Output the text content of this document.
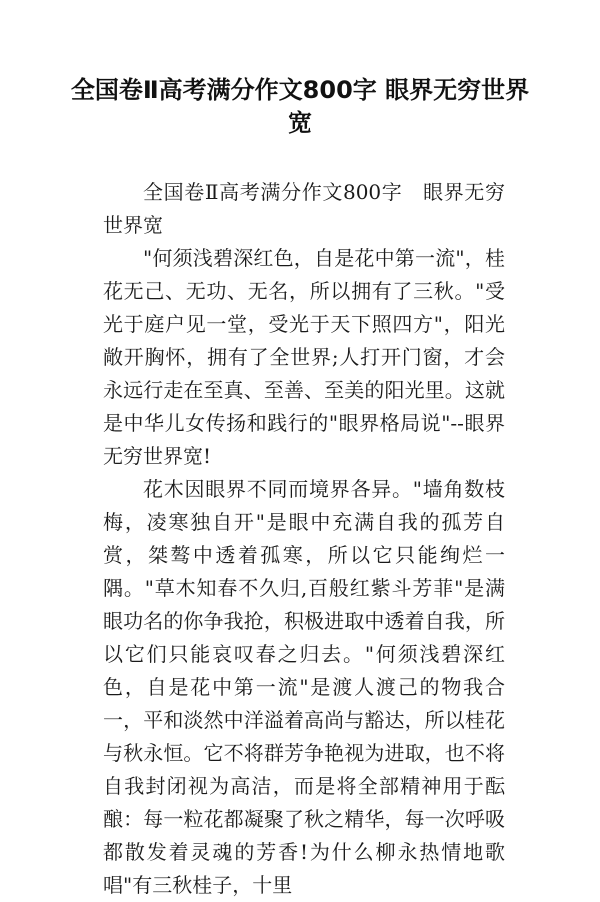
全国卷Ⅱ高考满分作文800字 眼界无穷世界宽

全国卷Ⅱ高考满分作文800字　眼界无穷世界宽

"何须浅碧深红色，自是花中第一流"，桂花无己、无功、无名，所以拥有了三秋。"受光于庭户见一堂，受光于天下照四方"，阳光敞开胸怀，拥有了全世界;人打开门窗，才会永远行走在至真、至善、至美的阳光里。这就是中华儿女传扬和践行的"眼界格局说"--眼界无穷世界宽!

花木因眼界不同而境界各异。"墙角数枝梅，凌寒独自开"是眼中充满自我的孤芳自赏，桀骜中透着孤寒，所以它只能绚烂一隅。"草木知春不久归,百般红紫斗芳菲"是满眼功名的你争我抢，积极进取中透着自我，所以它们只能哀叹春之归去。"何须浅碧深红色，自是花中第一流"是渡人渡己的物我合一，平和淡然中洋溢着高尚与豁达，所以桂花与秋永恒。它不将群芳争艳视为进取，也不将自我封闭视为高洁，而是将全部精神用于酝酿：每一粒花都凝聚了秋之精华，每一次呼吸都散发着灵魂的芳香!为什么柳永热情地歌唱"有三秋桂子，十里
